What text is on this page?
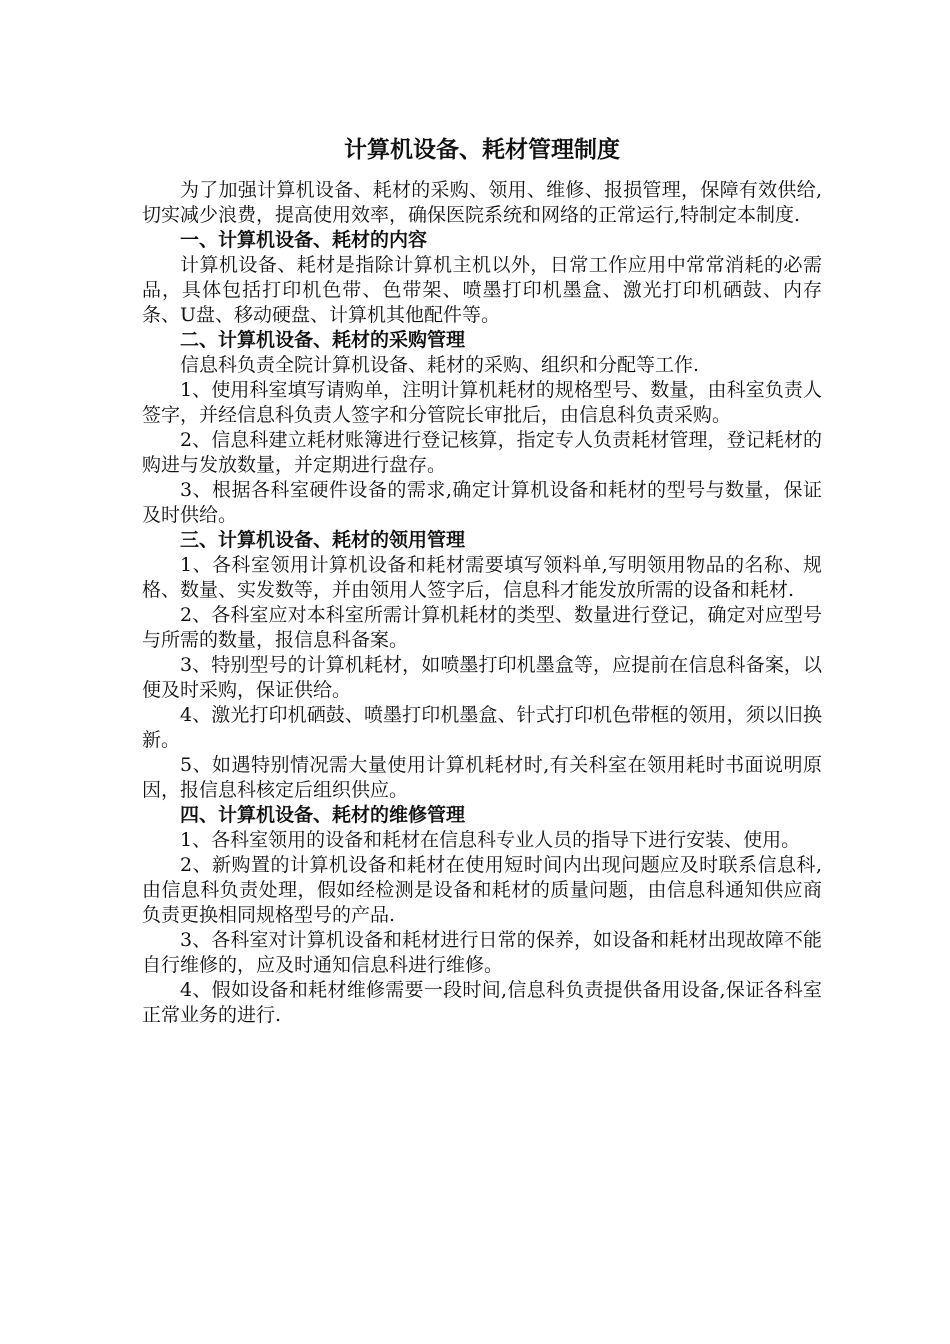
计算机设备、耗材管理制度

为了加强计算机设备、耗材的采购、领用、维修、报损管理，保障有效供给,切实减少浪费，提高使用效率，确保医院系统和网络的正常运行,特制定本制度.

一、计算机设备、耗材的内容

计算机设备、耗材是指除计算机主机以外，日常工作应用中常常消耗的必需品，具体包括打印机色带、色带架、喷墨打印机墨盒、激光打印机硒鼓、内存条、U盘、移动硬盘、计算机其他配件等。

二、计算机设备、耗材的采购管理

信息科负责全院计算机设备、耗材的采购、组织和分配等工作.

1、使用科室填写请购单，注明计算机耗材的规格型号、数量，由科室负责人签字，并经信息科负责人签字和分管院长审批后，由信息科负责采购。

2、信息科建立耗材账簿进行登记核算，指定专人负责耗材管理，登记耗材的购进与发放数量，并定期进行盘存。

3、根据各科室硬件设备的需求,确定计算机设备和耗材的型号与数量，保证及时供给。

三、计算机设备、耗材的领用管理

1、各科室领用计算机设备和耗材需要填写领料单,写明领用物品的名称、规格、数量、实发数等，并由领用人签字后，信息科才能发放所需的设备和耗材.

2、各科室应对本科室所需计算机耗材的类型、数量进行登记，确定对应型号与所需的数量，报信息科备案。

3、特别型号的计算机耗材，如喷墨打印机墨盒等，应提前在信息科备案，以便及时采购，保证供给。

4、激光打印机硒鼓、喷墨打印机墨盒、针式打印机色带框的领用，须以旧换新。

5、如遇特别情况需大量使用计算机耗材时,有关科室在领用耗时书面说明原因，报信息科核定后组织供应。

四、计算机设备、耗材的维修管理

1、各科室领用的设备和耗材在信息科专业人员的指导下进行安装、使用。

2、新购置的计算机设备和耗材在使用短时间内出现问题应及时联系信息科,由信息科负责处理，假如经检测是设备和耗材的质量问题，由信息科通知供应商负责更换相同规格型号的产品.

3、各科室对计算机设备和耗材进行日常的保养，如设备和耗材出现故障不能自行维修的，应及时通知信息科进行维修。

4、假如设备和耗材维修需要一段时间,信息科负责提供备用设备,保证各科室正常业务的进行.
